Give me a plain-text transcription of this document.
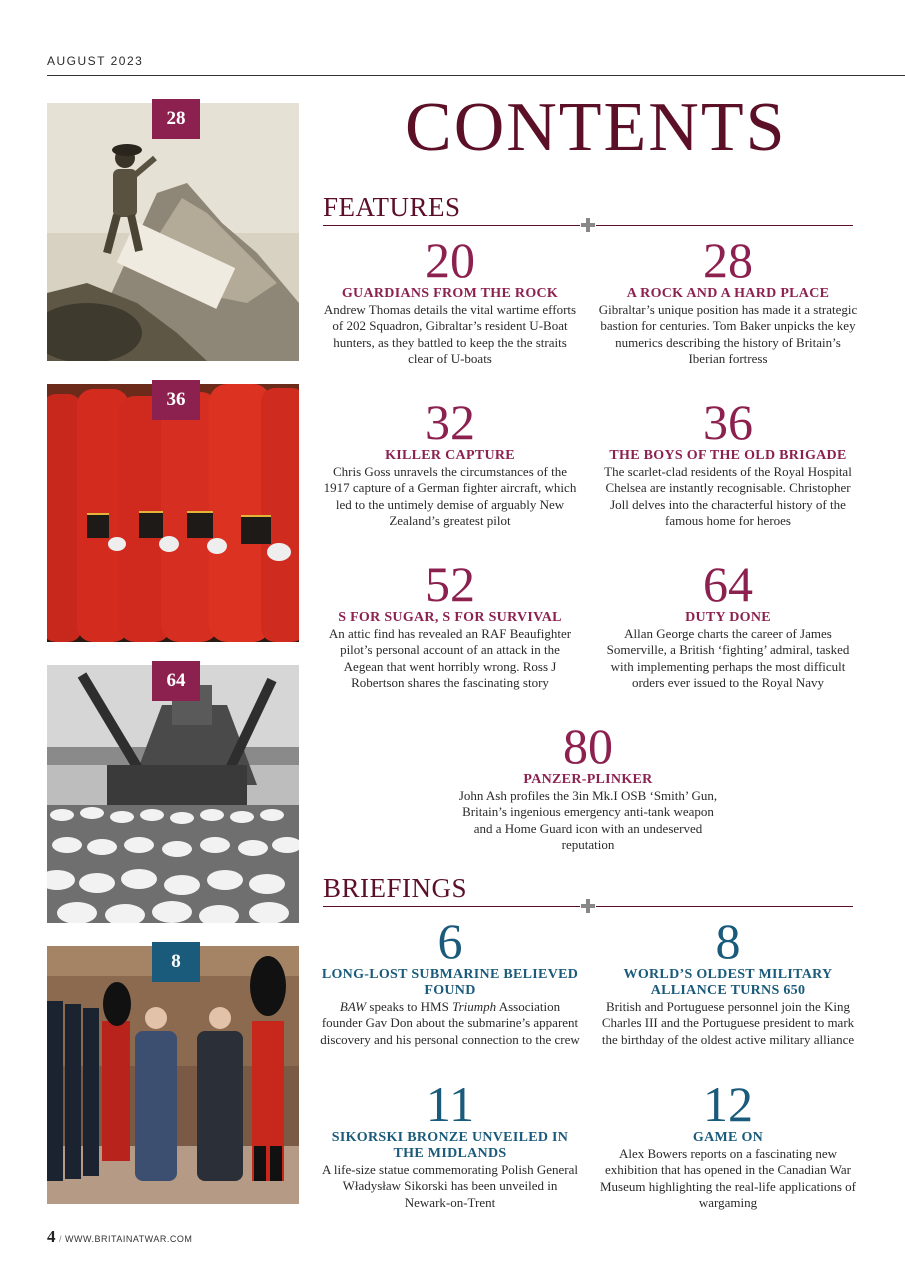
AUGUST 2023
28
36
64
8
CONTENTS
FEATURES
20
GUARDIANS FROM THE ROCK
Andrew Thomas details the vital wartime efforts of 202 Squadron, Gibraltar’s resident U-Boat hunters, as they battled to keep the the straits clear of U-boats
28
A ROCK AND A HARD PLACE
Gibraltar’s unique position has made it a strategic bastion for centuries. Tom Baker unpicks the key numerics describing the history of Britain’s Iberian fortress
32
KILLER CAPTURE
Chris Goss unravels the circumstances of the 1917 capture of a German fighter aircraft, which led to the untimely demise of arguably New Zealand’s greatest pilot
36
THE BOYS OF THE OLD BRIGADE
The scarlet-clad residents of the Royal Hospital Chelsea are instantly recognisable. Christopher Joll delves into the characterful history of the famous home for heroes
52
S FOR SUGAR, S FOR SURVIVAL
An attic find has revealed an RAF Beaufighter pilot’s personal account of an attack in the Aegean that went horribly wrong. Ross J Robertson shares the fascinating story
64
DUTY DONE
Allan George charts the career of James Somerville, a British ‘fighting’ admiral, tasked with implementing perhaps the most difficult orders ever issued to the Royal Navy
80
PANZER-PLINKER
John Ash profiles the 3in Mk.I OSB ‘Smith’ Gun, Britain’s ingenious emergency anti-tank weapon and a Home Guard icon with an undeserved reputation
BRIEFINGS
6
LONG-LOST SUBMARINE BELIEVED FOUND
BAW speaks to HMS Triumph Association founder Gav Don about the submarine’s apparent discovery and his personal connection to the crew
8
WORLD’S OLDEST MILITARY ALLIANCE TURNS 650
British and Portuguese personnel join the King Charles III and the Portuguese president to mark the birthday of the oldest active military alliance
11
SIKORSKI BRONZE UNVEILED IN THE MIDLANDS
A life-size statue commemorating Polish General Władysław Sikorski has been unveiled in Newark-on-Trent
12
GAME ON
Alex Bowers reports on a fascinating new exhibition that has opened in the Canadian War Museum highlighting the real-life applications of wargaming
4 / WWW.BRITAINATWAR.COM
